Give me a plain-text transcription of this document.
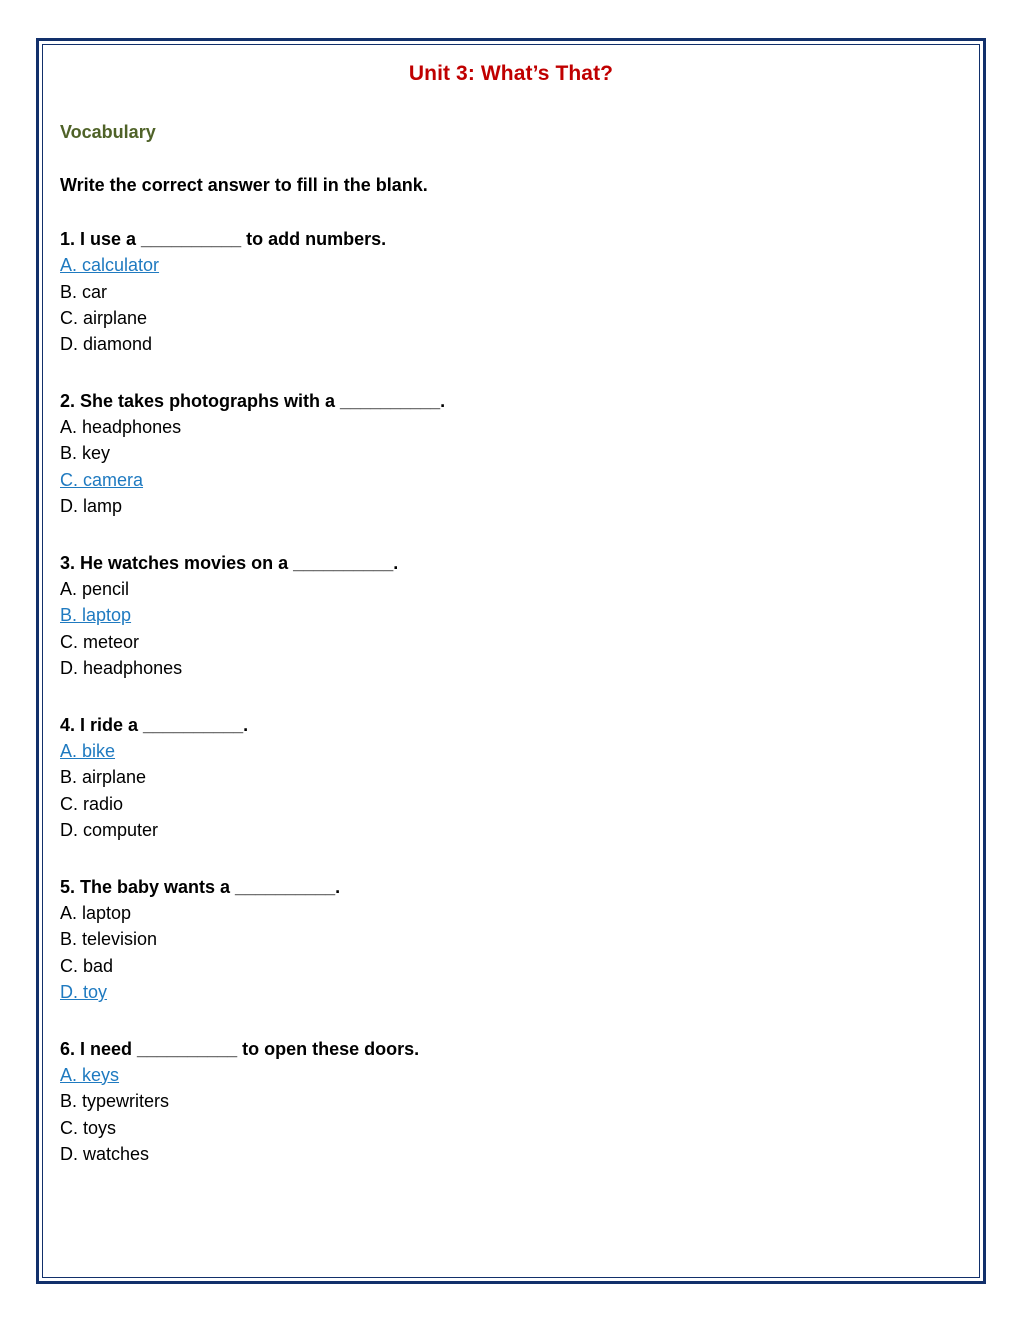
Unit 3: What’s That?
Vocabulary

Write the correct answer to fill in the blank.

1. I use a __________ to add numbers.
A. calculator
B. car
C. airplane
D. diamond
2. She takes photographs with a __________.
A. headphones
B. key
C. camera
D. lamp
3. He watches movies on a __________.
A. pencil
B. laptop
C. meteor
D. headphones
4. I ride a __________.
A. bike
B. airplane
C. radio
D. computer
5. The baby wants a __________.
A. laptop
B. television
C. bad
D. toy
6. I need __________ to open these doors.
A. keys
B. typewriters
C. toys
D. watches
